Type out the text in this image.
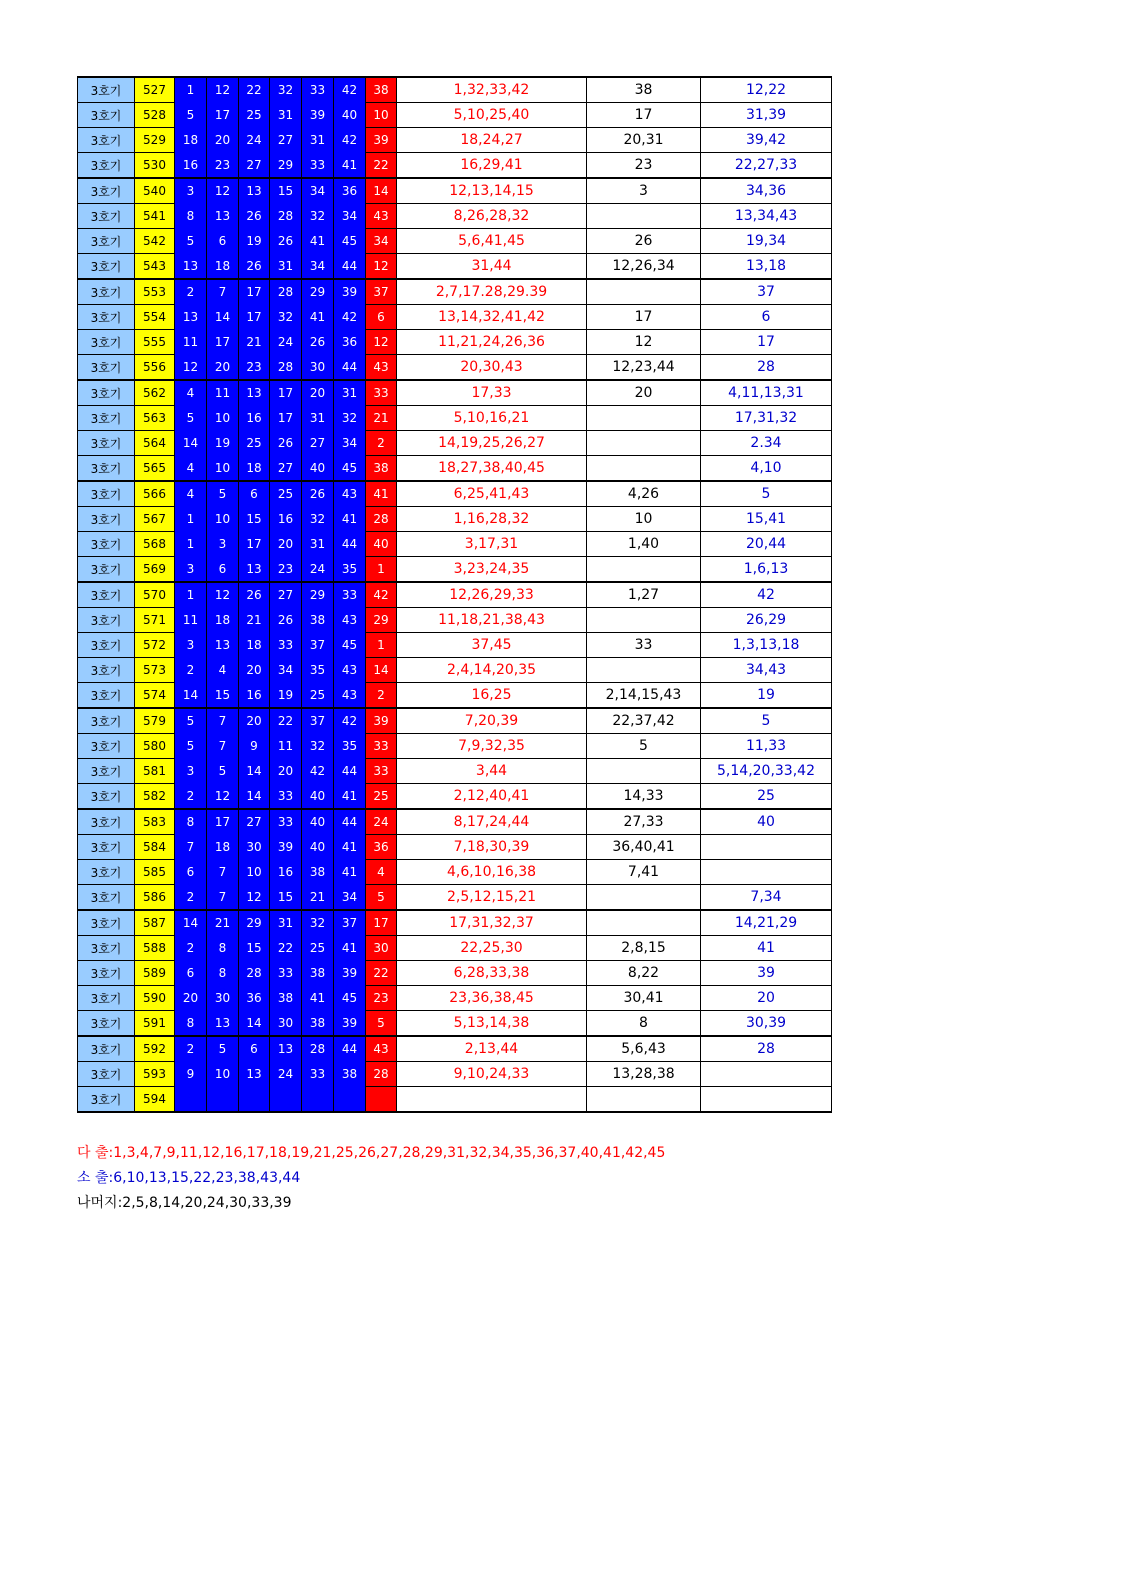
3호기	527	1	12	22	32	33	42	38	1,32,33,42	38	12,22
3호기	528	5	17	25	31	39	40	10	5,10,25,40	17	31,39
3호기	529	18	20	24	27	31	42	39	18,24,27	20,31	39,42
3호기	530	16	23	27	29	33	41	22	16,29,41	23	22,27,33
3호기	540	3	12	13	15	34	36	14	12,13,14,15	3	34,36
3호기	541	8	13	26	28	32	34	43	8,26,28,32		13,34,43
3호기	542	5	6	19	26	41	45	34	5,6,41,45	26	19,34
3호기	543	13	18	26	31	34	44	12	31,44	12,26,34	13,18
3호기	553	2	7	17	28	29	39	37	2,7,17.28,29.39		37
3호기	554	13	14	17	32	41	42	6	13,14,32,41,42	17	6
3호기	555	11	17	21	24	26	36	12	11,21,24,26,36	12	17
3호기	556	12	20	23	28	30	44	43	20,30,43	12,23,44	28
3호기	562	4	11	13	17	20	31	33	17,33	20	4,11,13,31
3호기	563	5	10	16	17	31	32	21	5,10,16,21		17,31,32
3호기	564	14	19	25	26	27	34	2	14,19,25,26,27		2.34
3호기	565	4	10	18	27	40	45	38	18,27,38,40,45		4,10
3호기	566	4	5	6	25	26	43	41	6,25,41,43	4,26	5
3호기	567	1	10	15	16	32	41	28	1,16,28,32	10	15,41
3호기	568	1	3	17	20	31	44	40	3,17,31	1,40	20,44
3호기	569	3	6	13	23	24	35	1	3,23,24,35		1,6,13
3호기	570	1	12	26	27	29	33	42	12,26,29,33	1,27	42
3호기	571	11	18	21	26	38	43	29	11,18,21,38,43		26,29
3호기	572	3	13	18	33	37	45	1	37,45	33	1,3,13,18
3호기	573	2	4	20	34	35	43	14	2,4,14,20,35		34,43
3호기	574	14	15	16	19	25	43	2	16,25	2,14,15,43	19
3호기	579	5	7	20	22	37	42	39	7,20,39	22,37,42	5
3호기	580	5	7	9	11	32	35	33	7,9,32,35	5	11,33
3호기	581	3	5	14	20	42	44	33	3,44		5,14,20,33,42
3호기	582	2	12	14	33	40	41	25	2,12,40,41	14,33	25
3호기	583	8	17	27	33	40	44	24	8,17,24,44	27,33	40
3호기	584	7	18	30	39	40	41	36	7,18,30,39	36,40,41	
3호기	585	6	7	10	16	38	41	4	4,6,10,16,38	7,41	
3호기	586	2	7	12	15	21	34	5	2,5,12,15,21		7,34
3호기	587	14	21	29	31	32	37	17	17,31,32,37		14,21,29
3호기	588	2	8	15	22	25	41	30	22,25,30	2,8,15	41
3호기	589	6	8	28	33	38	39	22	6,28,33,38	8,22	39
3호기	590	20	30	36	38	41	45	23	23,36,38,45	30,41	20
3호기	591	8	13	14	30	38	39	5	5,13,14,38	8	30,39
3호기	592	2	5	6	13	28	44	43	2,13,44	5,6,43	28
3호기	593	9	10	13	24	33	38	28	9,10,24,33	13,28,38	
3호기	594										
다 출:1,3,4,7,9,11,12,16,17,18,19,21,25,26,27,28,29,31,32,34,35,36,37,40,41,42,45
소 출:6,10,13,15,22,23,38,43,44
나머지:2,5,8,14,20,24,30,33,39
